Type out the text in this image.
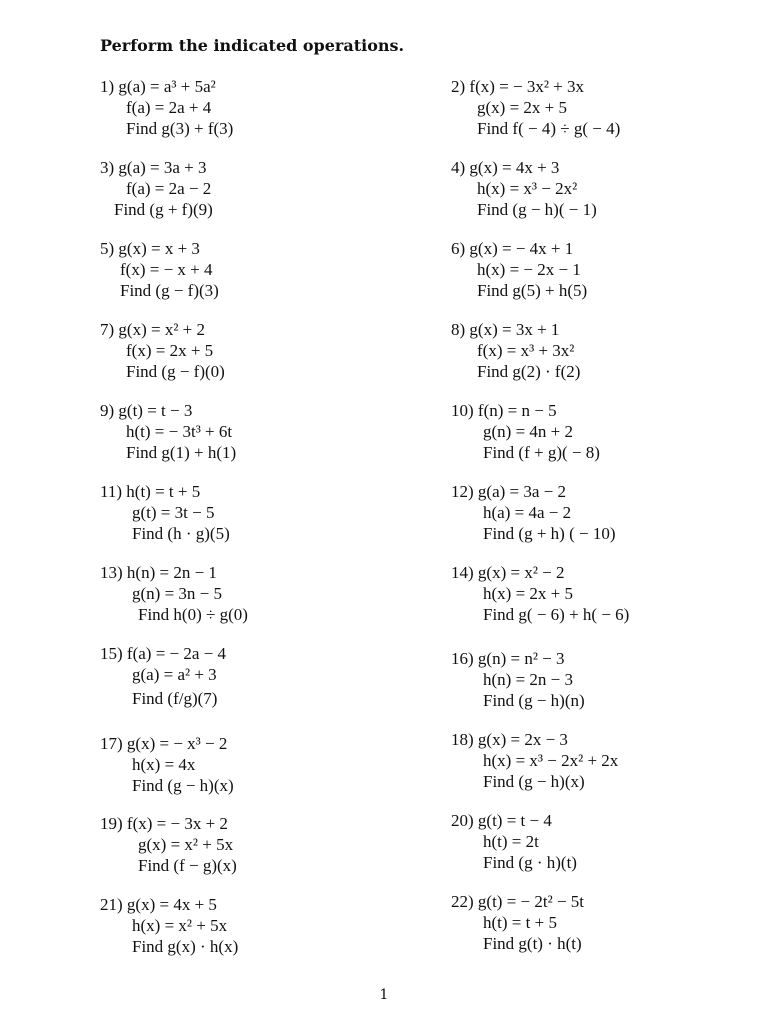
Perform the indicated operations.
1) g(a) = a³ + 5a²
f(a) = 2a + 4
Find g(3) + f(3)
3) g(a) = 3a + 3
f(a) = 2a − 2
Find (g + f)(9)
5) g(x) = x + 3
f(x) = − x + 4
Find (g − f)(3)
7) g(x) = x² + 2
f(x) = 2x + 5
Find (g − f)(0)
9) g(t) = t − 3
h(t) = − 3t³ + 6t
Find g(1) + h(1)
11) h(t) = t + 5
g(t) = 3t − 5
Find (h · g)(5)
13) h(n) = 2n − 1
g(n) = 3n − 5
Find h(0) ÷ g(0)
15) f(a) = − 2a − 4
g(a) = a² + 3
Find (f/g)(7)
17) g(x) = − x³ − 2
h(x) = 4x
Find (g − h)(x)
19) f(x) = − 3x + 2
g(x) = x² + 5x
Find (f − g)(x)
21) g(x) = 4x + 5
h(x) = x² + 5x
Find g(x) · h(x)
2) f(x) = − 3x² + 3x
g(x) = 2x + 5
Find f( − 4) ÷ g( − 4)
4) g(x) = 4x + 3
h(x) = x³ − 2x²
Find (g − h)( − 1)
6) g(x) = − 4x + 1
h(x) = − 2x − 1
Find g(5) + h(5)
8) g(x) = 3x + 1
f(x) = x³ + 3x²
Find g(2) · f(2)
10) f(n) = n − 5
g(n) = 4n + 2
Find (f + g)( − 8)
12) g(a) = 3a − 2
h(a) = 4a − 2
Find (g + h) ( − 10)
14) g(x) = x² − 2
h(x) = 2x + 5
Find g( − 6) + h( − 6)
16) g(n) = n² − 3
h(n) = 2n − 3
Find (g − h)(n)
18) g(x) = 2x − 3
h(x) = x³ − 2x² + 2x
Find (g − h)(x)
20) g(t) = t − 4
h(t) = 2t
Find (g · h)(t)
22) g(t) = − 2t² − 5t
h(t) = t + 5
Find g(t) · h(t)
1
